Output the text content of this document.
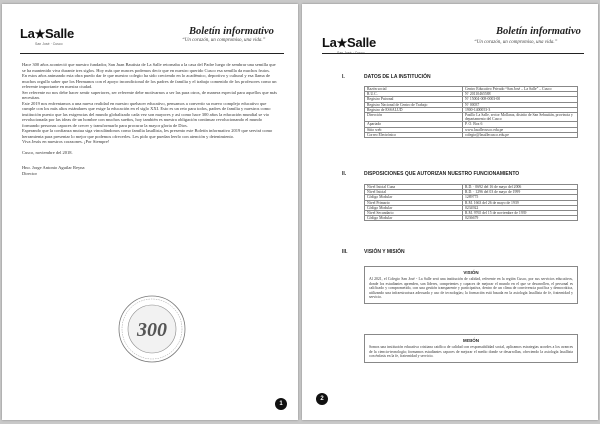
La★Salle
San José · Cusco
Boletín informativo
“Un corazón, un compromiso, una vida.”

Hace 300 años aconteció que nuestro fundador, San Juan Bautista de La Salle retornaba a la casa del Padre luego de sembrar una semilla que se ha mantenido viva durante tres siglos. Hoy más que nunces podemos decir que en nuestro querido Cusco esa semilla da muchos frutos.

En estos años animando esta obra puedo dar fe que nuestro colegio ha sido creciendo en lo académico, deportivo y cultural y esa llama de muchos orgullo saber que los Hermanos con el apoyo incondicional de los padres de familia y el trabajo comenido de los profesores como un referente importante en nuestra ciudad.

Ser referente no nos debe hacer sentir superiores, ser referente debe motivarnos a ser las para otros, de manera especial para aquellos que más necesitan.

Este 2019 nos enfrentamos a una nueva realidad en nuestro quehacer educativo, pensamos a convertir su nuevo complejo educativo que cumple con los más altos estándares que exige la educación en el siglo XXI. Esto es un reto para todos, padres de familia y nuestros como institución puesto que las exigencias del mundo globalizado cada vez son mayores y así como hace 300 años la educación mundial se vio revolucionada por las ideas de un hombre con muchos sueños, hoy también es nuestra obligación continuar revolucionando el mundo formando personas capaces de crecer y transformarlo para procurar la mayor gloria de Dios.

Esperando que la confianza mutua siga vinculándonos como familia lasallista, les presento este Boletín informativo 2019 que servirá como herramienta para presentar lo mejor que podemos ofrecerles. Les pido que puedan leerlo con atención y detenimiento.

Viva Jesús en nuestros corazones. ¡Por Siempre!

Cusco, noviembre del 2018.

Hno. Jorge Antonio Aguilar Reyna

Director

300
1
La★Salle
San José · Cusco
Boletín informativo
“Un corazón, un compromiso, una vida.”
I.	DATOS DE LA INSTITUCIÓN
Razón social	Centro Educativo Privado “San José – La Salle” – Cusco
R.U.C.	Nº 20110465588
Registro Patronal	Nº 15004-008-0003-00
Registro Nacional de Centro de Trabajo	Nº 00037
Registro de ESSALUD	1900-1400053-3
Dirección	Pasillo La Salle, sector Mollaraz, distrito de San Sebastián, provincia y departamento del Cusco
Apartado	P. O. Box 6
Sitio web	www.lasallecusco.edu.pe
Correo Electrónico	colegio@lasallecusco.edu.pe
II.	DISPOSICIONES QUE AUTORIZAN NUESTRO FUNCIONAMIENTO
Nivel Inicial Cuna	R.D. · 0692 del 16 de mayo del 2006
Nivel Inicial	R.D. · 1296 del 03 de mayo de 1999
Código Modular	1289775
Nivel Primario	R.M. 1663 del 26 de mayo de 1939
Código Modular	0234922
Nivel Secundario	R.M. 9765 del 15 de noviembre de 1939
Código Modular	0236679
III.	VISIÓN Y MISIÓN
VISIÓN
Al 2021, el Colegio San José - La Salle será una institución de calidad, referente en la región Cusco, por sus servicios educativos, donde los estudiantes aprenden, son líderes, competentes y capaces de mejorar el mundo en el que se desarrollen, el personal es calificado y comprometido, con una gestión transparente y participativa, dentro de un clima de convivencia pacífica y democrática, utilizando una infraestructura adecuada y uso de tecnologías; la formación está basada en la axiología lasallista de fe, fraternidad y servicio.
MISIÓN
Somos una institución educativa cristiana católica de calidad con responsabilidad social, aplicamos estrategias acordes a los avances de la ciencia-tecnología; formamos estudiantes capaces de mejorar el medio donde se desarrollan, ofreciendo la axiología lasallista con énfasis en la fe, fraternidad y servicio.
2
